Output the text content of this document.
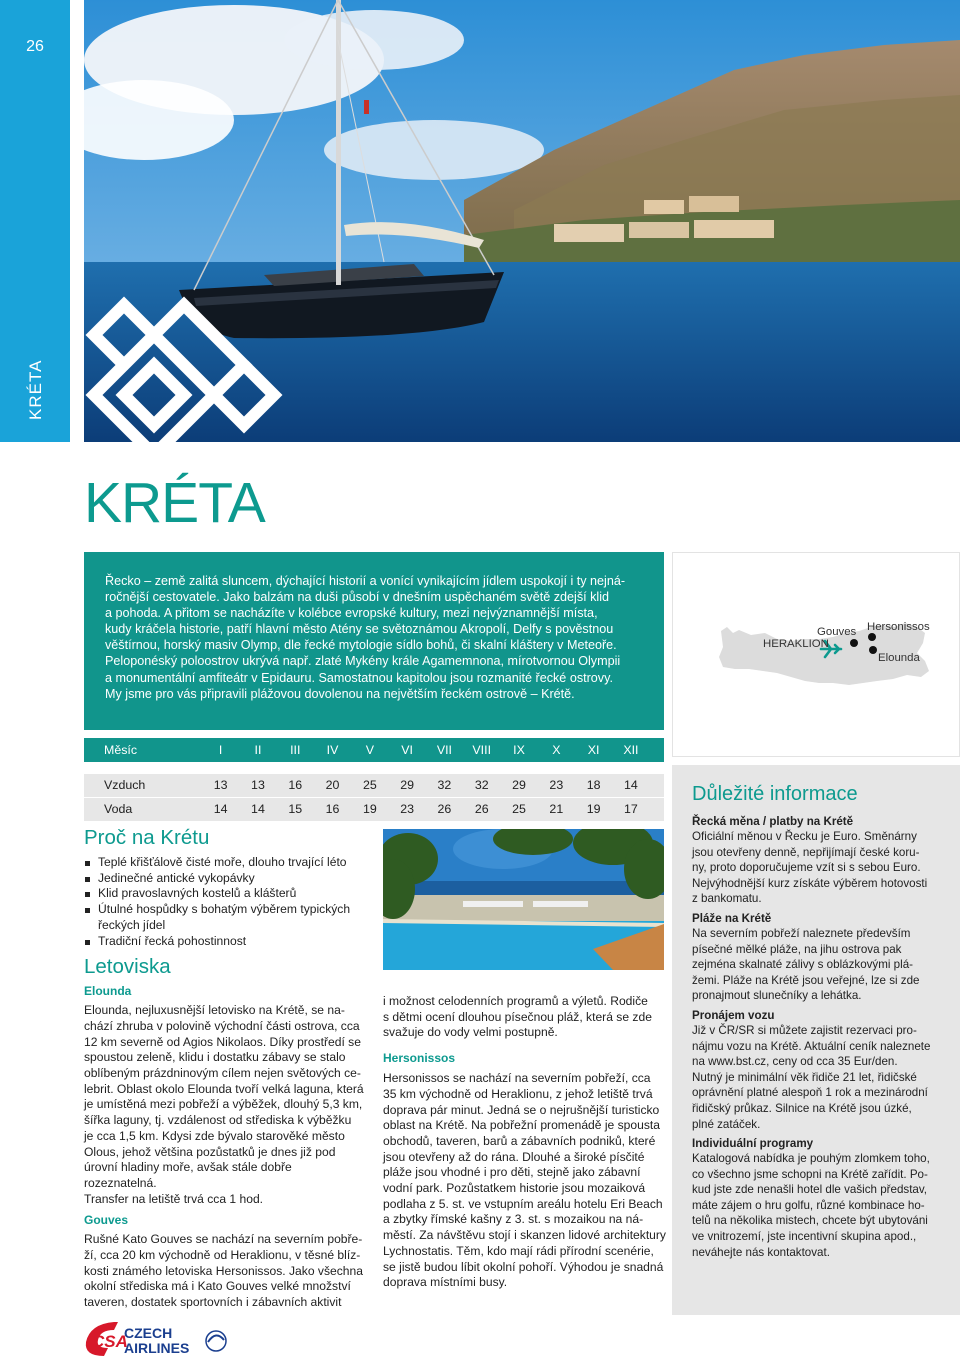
26
KRÉTA
KRÉTA
Řecko – země zalitá sluncem, dýchající historií a vonící vynikajícím jídlem uspokojí i ty nejná-
ročnější cestovatele. Jako balzám na duši působí v dnešním uspěchaném světě zdejší klid
a pohoda. A přitom se nacházíte v kolébce evropské kultury, mezi nejvýznamnější místa,
kudy kráčela historie, patří hlavní město Atény se světoznámou Akropolí, Delfy s pověstnou
věštírnou, horský masiv Olymp, dle řecké mytologie sídlo bohů, či skalní kláštery v Meteoře.
Peloponéský poloostrov ukrývá např. zlaté Mykény krále Agamemnona, mírotvornou Olympii
a monumentální amfiteátr v Epidauru. Samostatnou kapitolou jsou rozmanité řecké ostrovy.
My jsme pro vás připravili plážovou dovolenou na největším řeckém ostrově – Krétě.
Gouves Hersonissos
HERAKLION
Elounda
Měsíc	I	II	III	IV	V	VI	VII	VIII	IX	X	XI	XII
Vzduch	13	13	16	20	25	29	32	32	29	23	18	14
Voda	14	14	15	16	19	23	26	26	25	21	19	17
Proč na Krétu
Teplé křišťálově čisté moře, dlouho trvající léto
Jedinečné antické vykopávky
Klid pravoslavných kostelů a klášterů
Útulné hospůdky s bohatým výběrem typických řeckých jídel
Tradiční řecká pohostinnost
Letoviska
Elounda
Elounda, nejluxusnější letovisko na Krétě, se na-
chází zhruba v polovině východní části ostrova, cca
12 km severně od Agios Nikolaos. Díky prostředí se
spoustou zeleně, klidu i dostatku zábavy se stalo
oblíbeným prázdninovým cílem nejen světových ce-
lebrit. Oblast okolo Elounda tvoří velká laguna, která
je umístěná mezi pobřeží a výběžek, dlouhý 5,3 km,
šířka laguny, tj. vzdálenost od střediska k výběžku
je cca 1,5 km. Kdysi zde bývalo starověké město
Olous, jehož většina pozůstatků je dnes již pod
úrovní hladiny moře, avšak stále dobře rozeznatelná.
Transfer na letiště trvá cca 1 hod.
Gouves
Rušné Kato Gouves se nachází na severním pobře-
ží, cca 20 km východně od Heraklionu, v těsné blíz-
kosti známého letoviska Hersonissos. Jako všechna
okolní střediska má i Kato Gouves velké množství
taveren, dostatek sportovních i zábavních aktivit
i možnost celodenních programů a výletů. Rodiče
s dětmi ocení dlouhou písečnou pláž, která se zde
svažuje do vody velmi postupně.
Hersonissos
Hersonissos se nachází na severním pobřeží, cca
35 km východně od Heraklionu, z jehož letiště trvá
doprava pár minut. Jedná se o nejrušnější turisticko
oblast na Krétě. Na pobřežní promenádě je spousta
obchodů, taveren, barů a zábavních podniků, které
jsou otevřeny až do rána. Dlouhé a široké písčité
pláže jsou vhodné i pro děti, stejně jako zábavní
vodní park. Pozůstatkem historie jsou mozaiková
podlaha z 5. st. ve vstupním areálu hotelu Eri Beach
a zbytky římské kašny z 3. st. s mozaikou na ná-
městí. Za návštěvu stojí i skanzen lidové architektury
Lychnostatis. Těm, kdo mají rádi přírodní scenérie,
se jistě budou líbit okolní pohoří. Výhodou je snadná
doprava místními busy.
Důležité informace
Řecká měna / platby na Krétě
Oficiální měnou v Řecku je Euro. Směnárny
jsou otevřeny denně, nepřijímají české koru-
ny, proto doporučujeme vzít si s sebou Euro.
Nejvýhodnější kurz získáte výběrem hotovosti
z bankomatu.
Pláže na Krétě
Na severním pobřeží naleznete především
písečné mělké pláže, na jihu ostrova pak
zejména skalnaté zálivy s oblázkovými plá-
žemi. Pláže na Krétě jsou veřejné, lze si zde
pronajmout slunečníky a lehátka.
Pronájem vozu
Již v ČR/SR si můžete zajistit rezervaci pro-
nájmu vozu na Krétě. Aktuální ceník naleznete
na www.bst.cz, ceny od cca 35 Eur/den.
Nutný je minimální věk řidiče 21 let, řidičské
oprávnění platné alespoň 1 rok a mezinárodní
řidičský průkaz. Silnice na Krétě jsou úzké,
plné zatáček.
Individuální programy
Katalogová nabídka je pouhým zlomkem toho,
co všechno jsme schopni na Krétě zařídit. Po-
kud jste zde nenašli hotel dle vašich představ,
máte zájem o hru golfu, různé kombinace ho-
telů na několika mistech, chcete být ubytováni
ve vnitrozemí, jste incentivní skupina apod.,
neváhejte nás kontaktovat.
CSA
CZECH
AIRLINES
